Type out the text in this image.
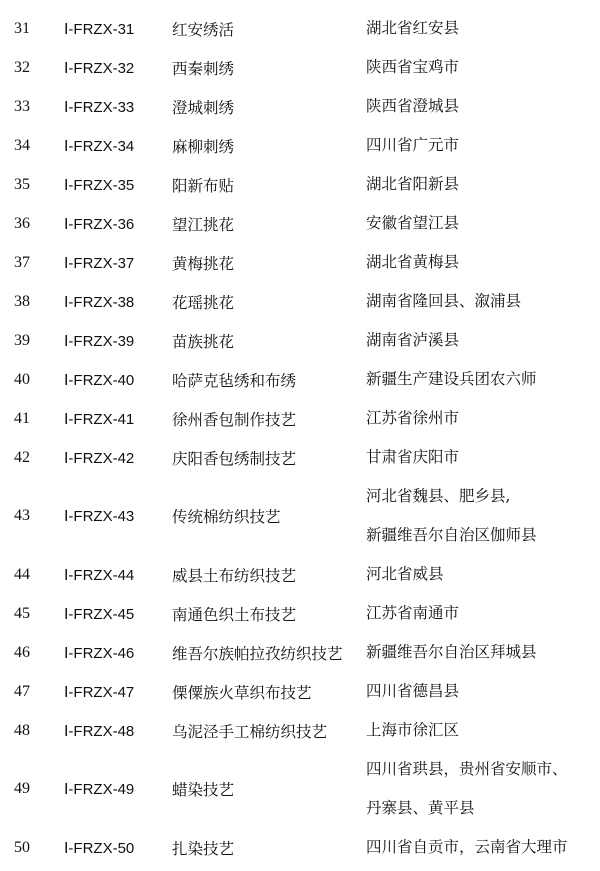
31	Ⅰ-FRZX-31	红安绣活	湖北省红安县

32	Ⅰ-FRZX-32	西秦刺绣	陕西省宝鸡市

33	Ⅰ-FRZX-33	澄城刺绣	陕西省澄城县

34	Ⅰ-FRZX-34	麻柳刺绣	四川省广元市

35	Ⅰ-FRZX-35	阳新布贴	湖北省阳新县

36	Ⅰ-FRZX-36	望江挑花	安徽省望江县

37	Ⅰ-FRZX-37	黄梅挑花	湖北省黄梅县

38	Ⅰ-FRZX-38	花瑶挑花	湖南省隆回县、溆浦县

39	Ⅰ-FRZX-39	苗族挑花	湖南省泸溪县

40	Ⅰ-FRZX-40	哈萨克毡绣和布绣	新疆生产建设兵团农六师

41	Ⅰ-FRZX-41	徐州香包制作技艺	江苏省徐州市

42	Ⅰ-FRZX-42	庆阳香包绣制技艺	甘肃省庆阳市

43	Ⅰ-FRZX-43	传统棉纺织技艺	河北省魏县、肥乡县,
新疆维吾尔自治区伽师县

44	Ⅰ-FRZX-44	威县土布纺织技艺	河北省威县

45	Ⅰ-FRZX-45	南通色织土布技艺	江苏省南通市

46	Ⅰ-FRZX-46	维吾尔族帕拉孜纺织技艺	新疆维吾尔自治区拜城县

47	Ⅰ-FRZX-47	傈僳族火草织布技艺	四川省德昌县

48	Ⅰ-FRZX-48	乌泥泾手工棉纺织技艺	上海市徐汇区

49	Ⅰ-FRZX-49	蜡染技艺	四川省珙县，贵州省安顺市、
丹寨县、黄平县

50	Ⅰ-FRZX-50	扎染技艺	四川省自贡市，云南省大理市
